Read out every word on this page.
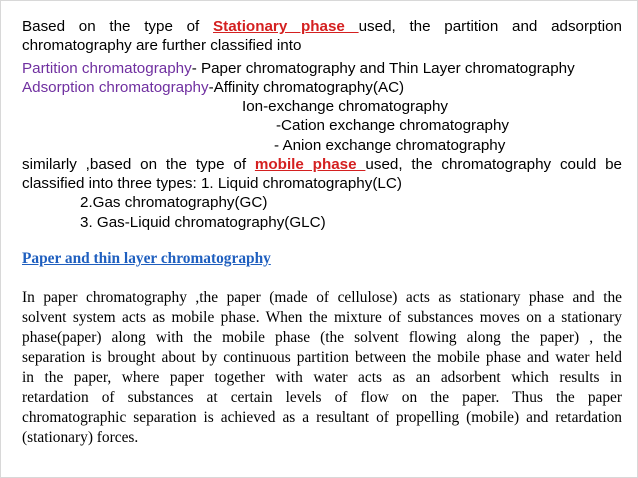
Based on the type of Stationary phase used, the partition and adsorption
chromatography are further classified into
Partition chromatography- Paper chromatography and Thin Layer chromatography
Adsorption chromatography-Affinity chromatography(AC)
Ion-exchange chromatography
-Cation exchange chromatography
- Anion exchange chromatography
similarly ,based on the type of mobile phase used, the chromatography could be
classified into three types: 1. Liquid chromatography(LC)
2.Gas chromatography(GC)
3. Gas-Liquid chromatography(GLC)
Paper and thin layer chromatography
In paper chromatography ,the paper (made of cellulose) acts as stationary phase and the
solvent system acts as mobile phase. When the mixture of substances moves on a stationary
phase(paper) along with the mobile phase (the solvent flowing along the paper) , the
separation is brought about by continuous partition between the mobile phase and water held
in the paper, where paper together with water acts as an adsorbent which results in
retardation of substances at certain levels of flow on the paper. Thus the paper
chromatographic separation is achieved as a resultant of propelling (mobile) and retardation
(stationary) forces.
